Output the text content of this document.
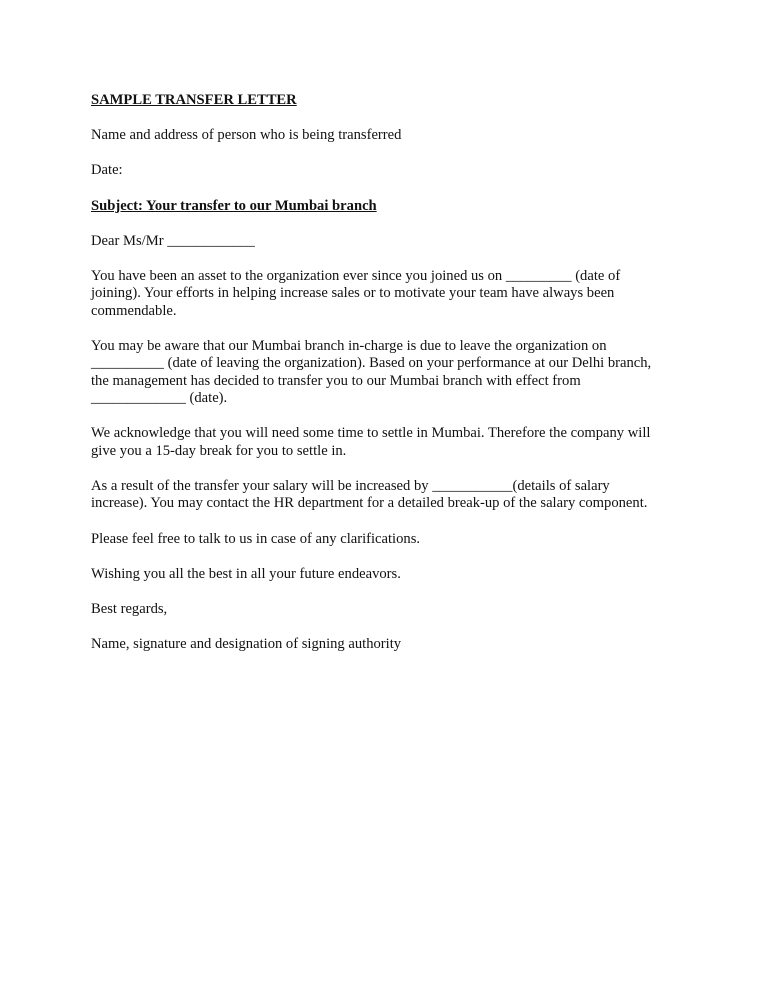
SAMPLE TRANSFER LETTER

Name and address of person who is being transferred

Date:

Subject: Your transfer to our Mumbai branch

Dear Ms/Mr ____________

You have been an asset to the organization ever since you joined us on _________ (date of
joining). Your efforts in helping increase sales or to motivate your team have always been
commendable.

You may be aware that our Mumbai branch in-charge is due to leave the organization on
__________ (date of leaving the organization). Based on your performance at our Delhi branch,
the management has decided to transfer you to our Mumbai branch with effect from
_____________ (date).

We acknowledge that you will need some time to settle in Mumbai. Therefore the company will
give you a 15-day break for you to settle in.

As a result of the transfer your salary will be increased by ___________(details of salary
increase). You may contact the HR department for a detailed break-up of the salary component.

Please feel free to talk to us in case of any clarifications.

Wishing you all the best in all your future endeavors.

Best regards,

Name, signature and designation of signing authority
